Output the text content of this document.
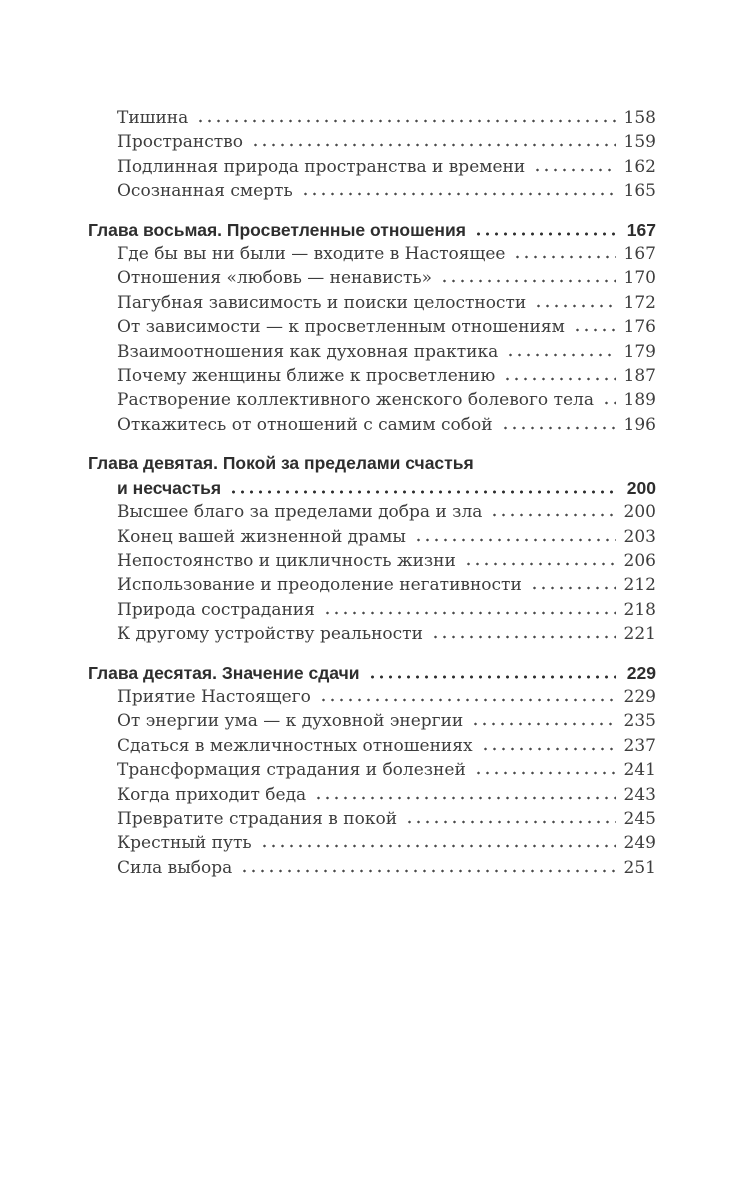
Тишина	158
Пространство	159
Подлинная природа пространства и времени	162
Осознанная смерть	165
Глава восьмая. Просветленные отношения	167
Где бы вы ни были — входите в Настоящее	167
Отношения «любовь — ненависть»	170
Пагубная зависимость и поиски целостности	172
От зависимости — к просветленным отношениям	176
Взаимоотношения как духовная практика	179
Почему женщины ближе к просветлению	187
Растворение коллективного женского болевого тела 189
Откажитесь от отношений с самим собой	196
Глава девятая. Покой за пределами счастья
и несчастья	200
Высшее благо за пределами добра и зла	200
Конец вашей жизненной драмы	203
Непостоянство и цикличность жизни	206
Использование и преодоление негативности	212
Природа сострадания	218
К другому устройству реальности	221
Глава десятая. Значение сдачи	229
Приятие Настоящего	229
От энергии ума — к духовной энергии	235
Сдаться в межличностных отношениях	237
Трансформация страдания и болезней	241
Когда приходит беда	243
Превратите страдания в покой	245
Крестный путь	249
Сила выбора	251
